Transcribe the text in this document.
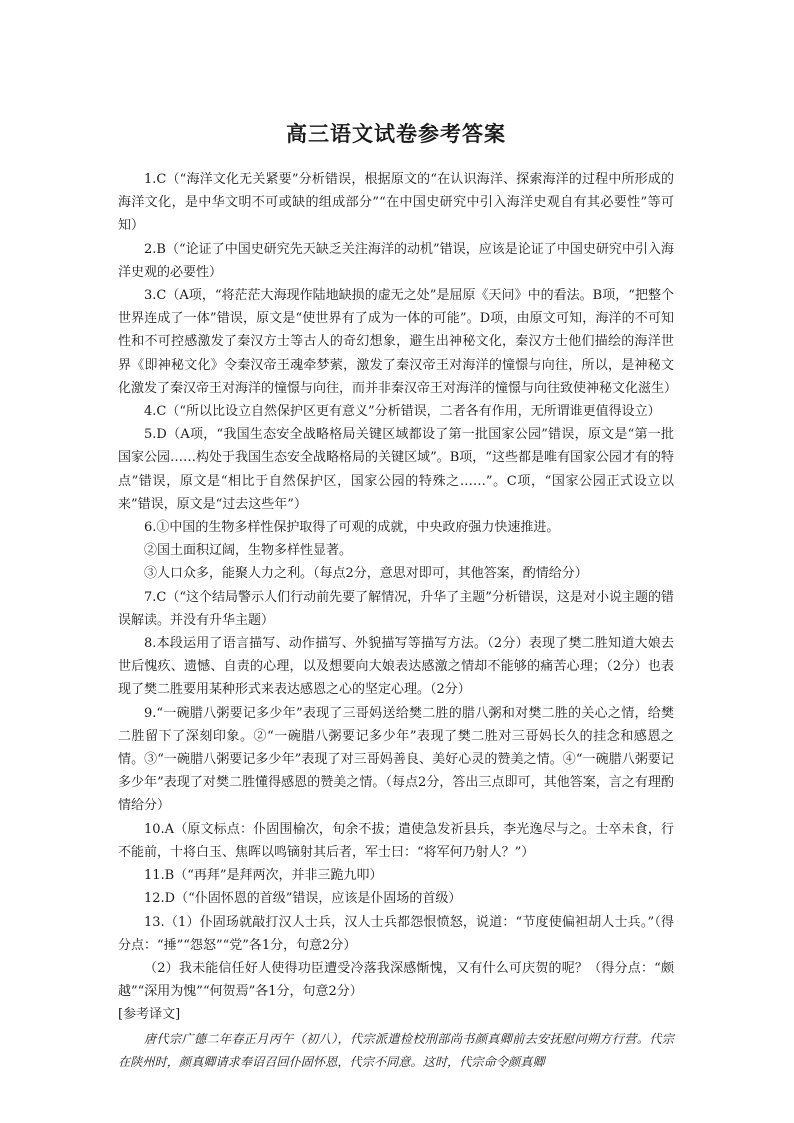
高三语文试卷参考答案

1.C（“海洋文化无关紧要”分析错误，根据原文的“在认识海洋、探索海洋的过程中所形成的海洋文化，是中华文明不可或缺的组成部分”“在中国史研究中引入海洋史观自有其必要性”等可知）

2.B（“论证了中国史研究先天缺乏关注海洋的动机”错误，应该是论证了中国史研究中引入海洋史观的必要性）

3.C（A项，“将茫茫大海现作陆地缺损的虚无之处”是屈原《天问》中的看法。B项，“把整个世界连成了一体”错误，原文是“使世界有了成为一体的可能”。D项，由原文可知，海洋的不可知性和不可控感激发了秦汉方士等古人的奇幻想象，避生出神秘文化，秦汉方士他们描绘的海洋世界《即神秘文化》令秦汉帝王魂牵梦萦，激发了秦汉帝王对海洋的憧憬与向往，所以，是神秘文化激发了秦汉帝王对海洋的憧憬与向往，而并非秦汉帝王对海洋的憧憬与向往致使神秘文化滋生）

4.C（“所以比设立自然保护区更有意义”分析错误，二者各有作用，无所谓谁更值得设立）

5.D（A项，“我国生态安全战略格局关键区域都设了第一批国家公园”错误，原文是“第一批国家公园……构处于我国生态安全战略格局的关键区域”。B项，“这些都是唯有国家公园才有的特点”错误，原文是“相比于自然保护区，国家公园的特殊之……”。C项，“国家公园正式设立以来”错误，原文是“过去这些年”）

6.①中国的生物多样性保护取得了可观的成就，中央政府强力快速推进。

②国土面积辽阔，生物多样性显著。

③人口众多，能聚人力之利。（每点2分，意思对即可，其他答案，酌情给分）

7.C（“这个结局警示人们行动前先要了解情况，升华了主题”分析错误，这是对小说主题的错误解读。并没有升华主题）

8.本段运用了语言描写、动作描写、外貌描写等描写方法。（2分）表现了樊二胜知道大娘去世后愧疚、遗憾、自责的心理，以及想要向大娘表达感激之情却不能够的痛苦心理；（2分）也表现了樊二胜要用某种形式来表达感恩之心的坚定心理。（2分）

9.“一碗腊八粥要记多少年”表现了三哥妈送给樊二胜的腊八粥和对樊二胜的关心之情，给樊二胜留下了深刻印象。②“一碗腊八粥要记多少年”表现了樊二胜对三哥妈长久的挂念和感恩之情。③“一碗腊八粥要记多少年”表现了对三哥妈善良、美好心灵的赞美之情。④“一碗腊八粥要记多少年”表现了对樊二胜懂得感恩的赞美之情。（每点2分，答出三点即可，其他答案，言之有理酌情给分）

10.A（原文标点：仆固围榆次，旬余不拔；遣使急发祈县兵，李光逸尽与之。士卒未食，行不能前，十将白玉、焦晖以鸣镝射其后者，军士曰：“将军何乃射人？”）

11.B（“再拜”是拜两次，并非三跪九叩）

12.D（“仆固怀恩的首级”错误，应该是仆固场的首级）

13.（1）仆固玚就敲打汉人士兵，汉人士兵都怨恨愤怒，说道：“节度使偏袒胡人士兵。”（得分点：“捶”“怨怒”“党”各1分，句意2分）

（2）我未能信任好人使得功臣遭受冷落我深感惭愧，又有什么可庆贺的呢？（得分点：“颇越”“深用为愧”“何贺焉”各1分，句意2分）

[参考译文]

唐代宗广德二年春正月丙午（初八），代宗派遣检校刑部尚书颜真卿前去安抚慰问朔方行营。代宗在陕州时，颜真卿请求奉诏召回仆固怀恩，代宗不同意。这时，代宗命令颜真卿
